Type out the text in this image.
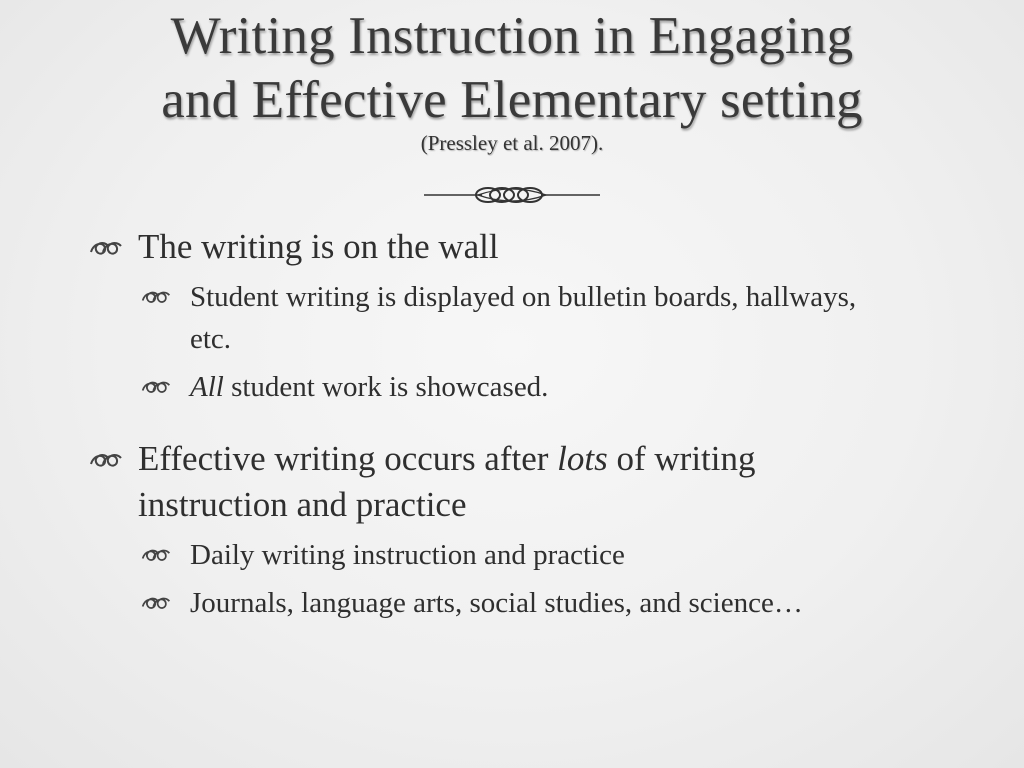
Writing Instruction in Engaging
and Effective Elementary setting
(Pressley et al. 2007).
The writing is on the wall
Student writing is displayed on bulletin boards, hallways, etc.
All student work is showcased.
Effective writing occurs after lots of writing instruction and practice
Daily writing instruction and practice
Journals, language arts, social studies, and science…
